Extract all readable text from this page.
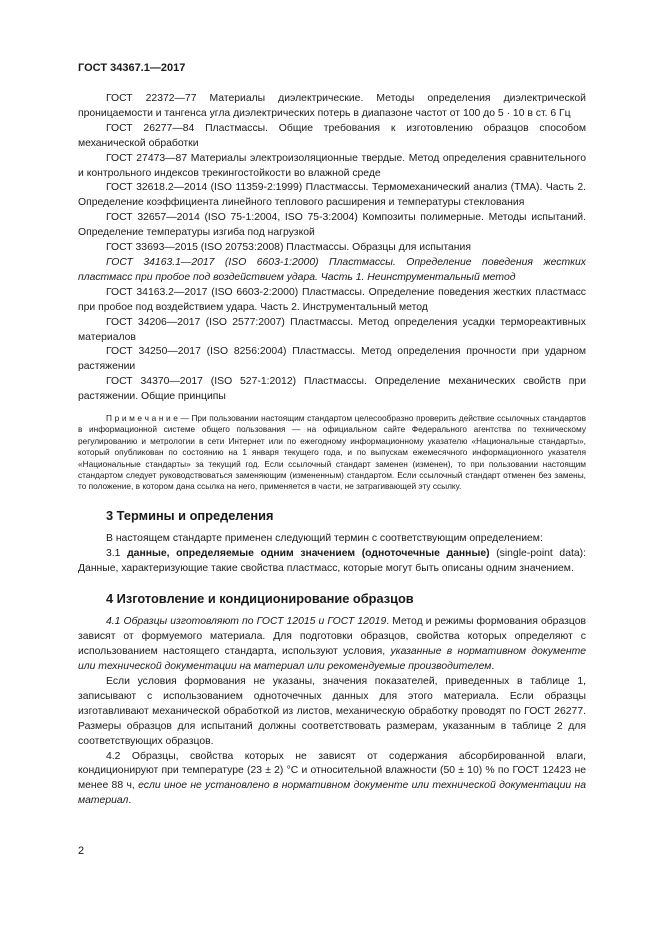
ГОСТ 34367.1—2017

ГОСТ 22372—77 Материалы диэлектрические. Методы определения диэлектрической проницаемости и тангенса угла диэлектрических потерь в диапазоне частот от 100 до 5 · 10 в ст. 6 Гц

ГОСТ 26277—84 Пластмассы. Общие требования к изготовлению образцов способом механической обработки

ГОСТ 27473—87 Материалы электроизоляционные твердые. Метод определения сравнительного и контрольного индексов трекингостойкости во влажной среде

ГОСТ 32618.2—2014 (ISO 11359-2:1999) Пластмассы. Термомеханический анализ (ТМА). Часть 2. Определение коэффициента линейного теплового расширения и температуры стеклования

ГОСТ 32657—2014 (ISO 75-1:2004, ISO 75-3:2004) Композиты полимерные. Методы испытаний. Определение температуры изгиба под нагрузкой

ГОСТ 33693—2015 (ISO 20753:2008) Пластмассы. Образцы для испытания

ГОСТ 34163.1—2017 (ISO 6603-1:2000) Пластмассы. Определение поведения жестких пластмасс при пробое под воздействием удара. Часть 1. Неинструментальный метод

ГОСТ 34163.2—2017 (ISO 6603-2:2000) Пластмассы. Определение поведения жестких пластмасс при пробое под воздействием удара. Часть 2. Инструментальный метод

ГОСТ 34206—2017 (ISO 2577:2007) Пластмассы. Метод определения усадки термореактивных материалов

ГОСТ 34250—2017 (ISO 8256:2004) Пластмассы. Метод определения прочности при ударном растяжении

ГОСТ 34370—2017 (ISO 527-1:2012) Пластмассы. Определение механических свойств при растяжении. Общие принципы

П р и м е ч а н и е — При пользовании настоящим стандартом целесообразно проверить действие ссылочных стандартов в информационной системе общего пользования — на официальном сайте Федерального агентства по техническому регулированию и метрологии в сети Интернет или по ежегодному информационному указателю «Национальные стандарты», который опубликован по состоянию на 1 января текущего года, и по выпускам ежемесячного информационного указателя «Национальные стандарты» за текущий год. Если ссылочный стандарт заменен (изменен), то при пользовании настоящим стандартом следует руководствоваться заменяющим (измененным) стандартом. Если ссылочный стандарт отменен без замены, то положение, в котором дана ссылка на него, применяется в части, не затрагивающей эту ссылку.

3 Термины и определения

В настоящем стандарте применен следующий термин с соответствующим определением:

3.1 данные, определяемые одним значением (одноточечные данные) (single-point data): Данные, характеризующие такие свойства пластмасс, которые могут быть описаны одним значением.

4 Изготовление и кондиционирование образцов

4.1 Образцы изготовляют по ГОСТ 12015 и ГОСТ 12019. Метод и режимы формования образцов зависят от формуемого материала. Для подготовки образцов, свойства которых определяют с использованием настоящего стандарта, используют условия, указанные в нормативном документе или технической документации на материал или рекомендуемые производителем.

Если условия формования не указаны, значения показателей, приведенных в таблице 1, записывают с использованием одноточечных данных для этого материала. Если образцы изготавливают механической обработкой из листов, механическую обработку проводят по ГОСТ 26277. Размеры образцов для испытаний должны соответствовать размерам, указанным в таблице 2 для соответствующих образцов.

4.2 Образцы, свойства которых не зависят от содержания абсорбированной влаги, кондиционируют при температуре (23 ± 2) °С и относительной влажности (50 ± 10) % по ГОСТ 12423 не менее 88 ч, если иное не установлено в нормативном документе или технической документации на материал.

2
